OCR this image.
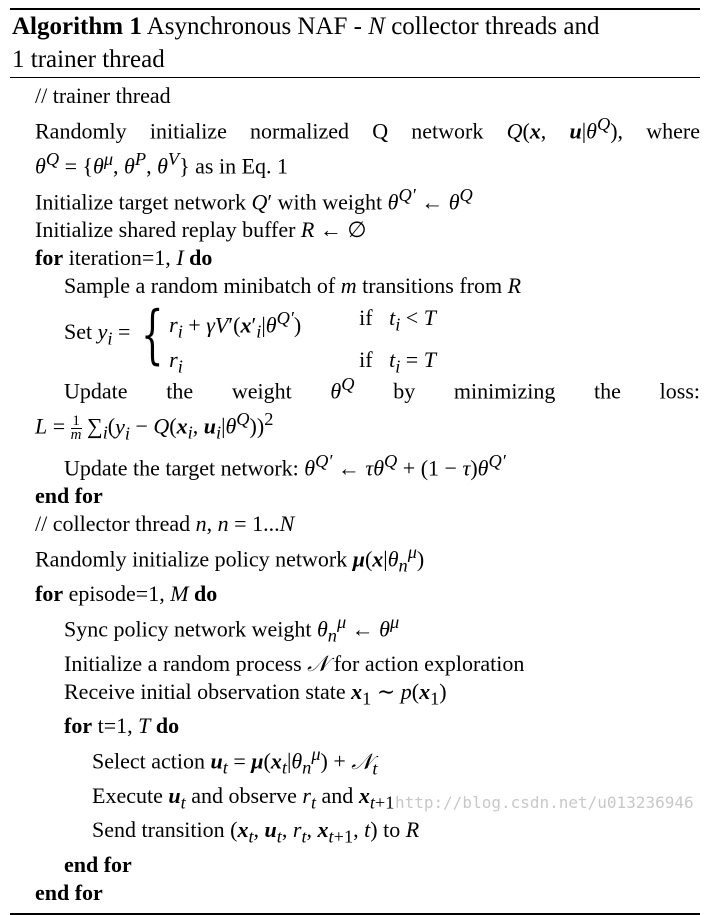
Algorithm 1 Asynchronous NAF - N collector threads and
1 trainer thread
// trainer thread
Randomly initialize normalized Q network Q(x, $u|\theta^Q$), where
$\theta^Q = \{\theta^\mu$, $\theta^P$, $\theta^V$} as in Eq. 1
Initialize target network Q′ with weight $\theta^{Q'}$ ← $\theta^Q$
Initialize shared replay buffer R ← ∅
for iteration=1, I do
Sample a random minibatch of m transitions from R
Set $y_i$ = { $r_i + \gamma V'(x'_i|\theta^{Q'})$	if   $t_i < T$
$r_i$	if   $t_i = T$
Update the weight $\theta^Q$ by minimizing the loss:
$L = \frac{1}{m} \sum_i(y_i - Q(x_i$, $u_i|\theta^Q))^2$
Update the target network: $\theta^{Q'}$ ← $\tau\theta^Q + (1 - \tau)\theta^{Q'}$
end for
// collector thread n, n = 1...N
Randomly initialize policy network $\mu(x|\theta_n^\mu)$
for episode=1, M do
Sync policy network weight $\theta_n^\mu$ ← $\theta^\mu$
Initialize a random process 𝒩 for action exploration
Receive initial observation state $x_1$ ∼ $p(x_1)$
for t=1, T do
Select action $u_t = \mu(x_t|\theta_n^\mu)$ + 𝒩$_t$
Execute $u_t$ and observe $r_t$ and $x_{t+1}$
Send transition ($x_t$, $u_t$, $r_t$, $x_{t+1}$, t) to R
end for
end for
http://blog.csdn.net/u013236946
